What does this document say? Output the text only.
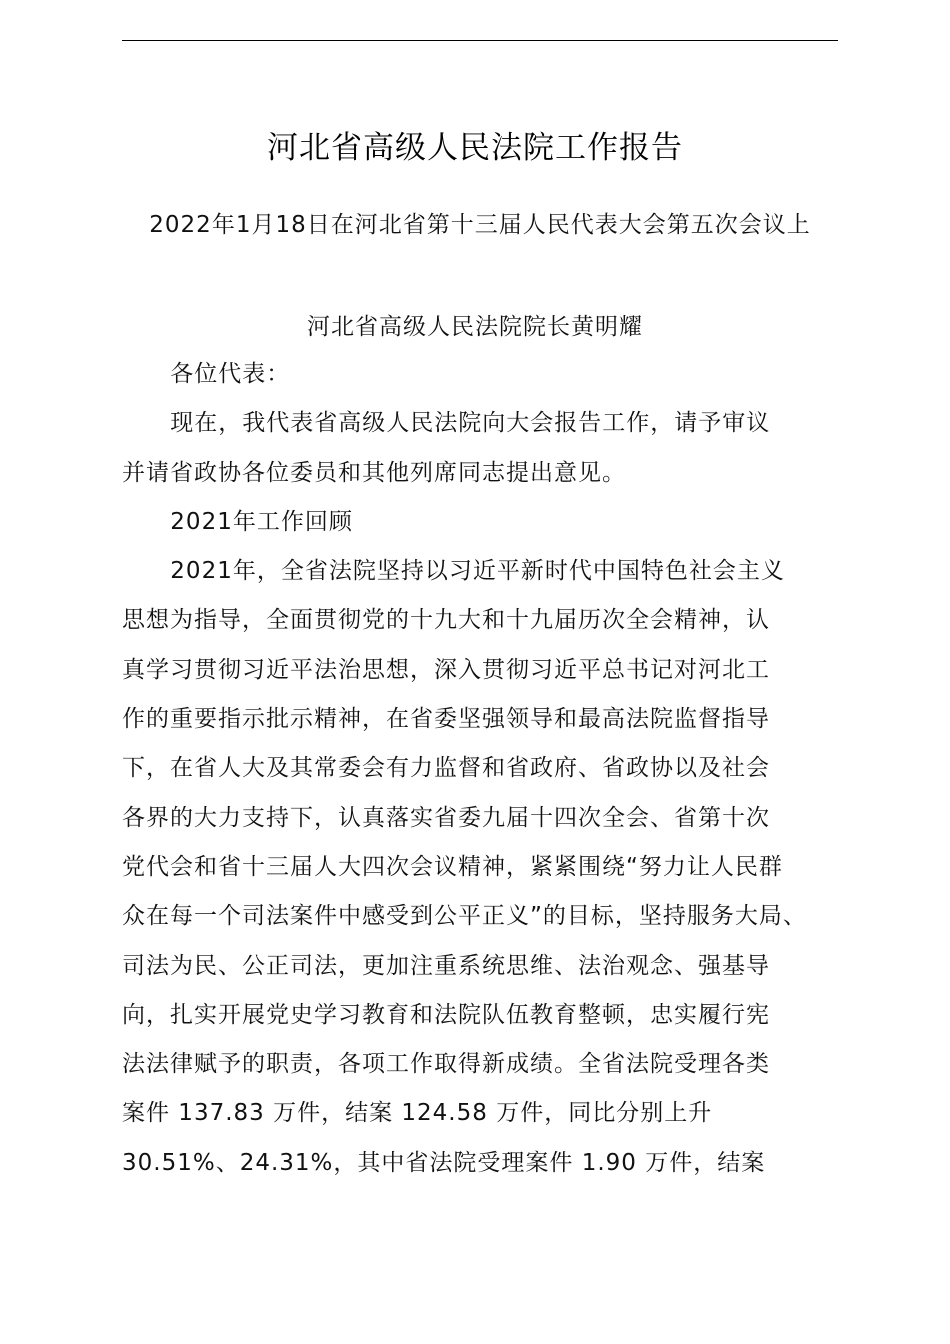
河北省高级人民法院工作报告
2022年1月18日在河北省第十三届人民代表大会第五次会议上
河北省高级人民法院院长黄明耀
各位代表：
现在，我代表省高级人民法院向大会报告工作，请予审议
并请省政协各位委员和其他列席同志提出意见。
2021年工作回顾
2021年，全省法院坚持以习近平新时代中国特色社会主义
思想为指导，全面贯彻党的十九大和十九届历次全会精神，认
真学习贯彻习近平法治思想，深入贯彻习近平总书记对河北工
作的重要指示批示精神，在省委坚强领导和最高法院监督指导
下，在省人大及其常委会有力监督和省政府、省政协以及社会
各界的大力支持下，认真落实省委九届十四次全会、省第十次
党代会和省十三届人大四次会议精神，紧紧围绕“努力让人民群
众在每一个司法案件中感受到公平正义”的目标，坚持服务大局、
司法为民、公正司法，更加注重系统思维、法治观念、强基导
向，扎实开展党史学习教育和法院队伍教育整顿，忠实履行宪
法法律赋予的职责，各项工作取得新成绩。全省法院受理各类
案件 137.83 万件，结案 124.58 万件，同比分别上升
30.51%、24.31%，其中省法院受理案件 1.90 万件，结案
